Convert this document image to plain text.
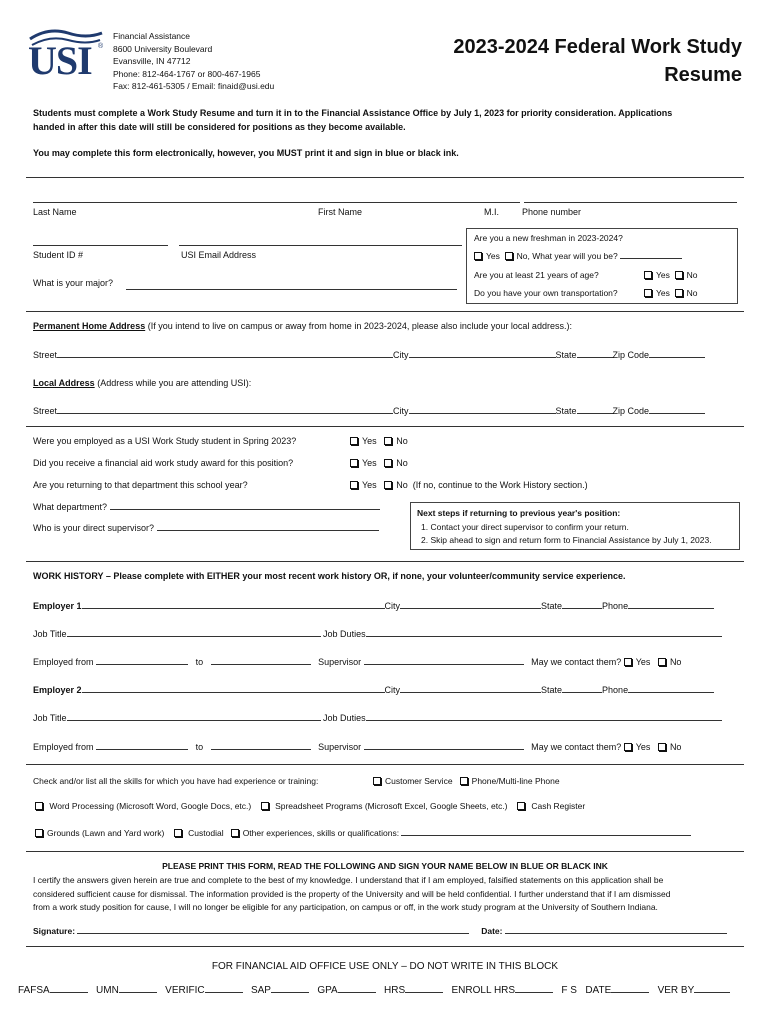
USI ®
Financial Assistance
8600 University Boulevard
Evansville, IN 47712
Phone: 812-464-1767 or 800-467-1965
Fax: 812-461-5305 / Email: finaid@usi.edu
2023-2024 Federal Work Study
Resume
Students must complete a Work Study Resume and turn it in to the Financial Assistance Office by July 1, 2023 for priority consideration. Applications
handed in after this date will still be considered for positions as they become available.
You may complete this form electronically, however, you MUST print it and sign in blue or black ink.
Last Name	First Name	M.I.	Phone number
Student ID #	USI Email Address
What is your major?
Are you a new freshman in 2023-2024?
Yes No, What year will you be?
Are you at least 21 years of age?	Yes No
Do you have your own transportation?	Yes No
Permanent Home Address (If you intend to live on campus or away from home in 2023-2024, please also include your local address.):
Street	City	State	Zip Code
Local Address (Address while you are attending USI):
Street	City	State	Zip Code
Were you employed as a USI Work Study student in Spring 2023?	Yes No
Did you receive a financial aid work study award for this position?	Yes No
Are you returning to that department this school year?	Yes No (If no, continue to the Work History section.)
What department?
Who is your direct supervisor?
Next steps if returning to previous year's position:
1. Contact your direct supervisor to confirm your return.
2. Skip ahead to sign and return form to Financial Assistance by July 1, 2023.
WORK HISTORY – Please complete with EITHER your most recent work history OR, if none, your volunteer/community service experience.
Employer 1	City	State	Phone
Job Title	Job Duties
Employed from	to	Supervisor	May we contact them? Yes No
Employer 2	City	State	Phone
Job Title	Job Duties
Employed from	to	Supervisor	May we contact them? Yes No
Check and/or list all the skills for which you have had experience or training:	Customer Service Phone/Multi-line Phone
Word Processing (Microsoft Word, Google Docs, etc.)	Spreadsheet Programs (Microsoft Excel, Google Sheets, etc.)	Cash Register
Grounds (Lawn and Yard work)	Custodial Other experiences, skills or qualifications:
PLEASE PRINT THIS FORM, READ THE FOLLOWING AND SIGN YOUR NAME BELOW IN BLUE OR BLACK INK
I certify the answers given herein are true and complete to the best of my knowledge. I understand that if I am employed, falsified statements on this application shall be
considered sufficient cause for dismissal. The information provided is the property of the University and will be held confidential. I further understand that if I am dismissed
from a work study position for cause, I will no longer be eligible for any participation, on campus or off, in the work study program at the University of Southern Indiana.
Signature:	Date:
FOR FINANCIAL AID OFFICE USE ONLY – DO NOT WRITE IN THIS BLOCK
FAFSA	UMN	VERIFIC	SAP	GPA	HRS	ENROLL HRS	F S DATE	VER BY
